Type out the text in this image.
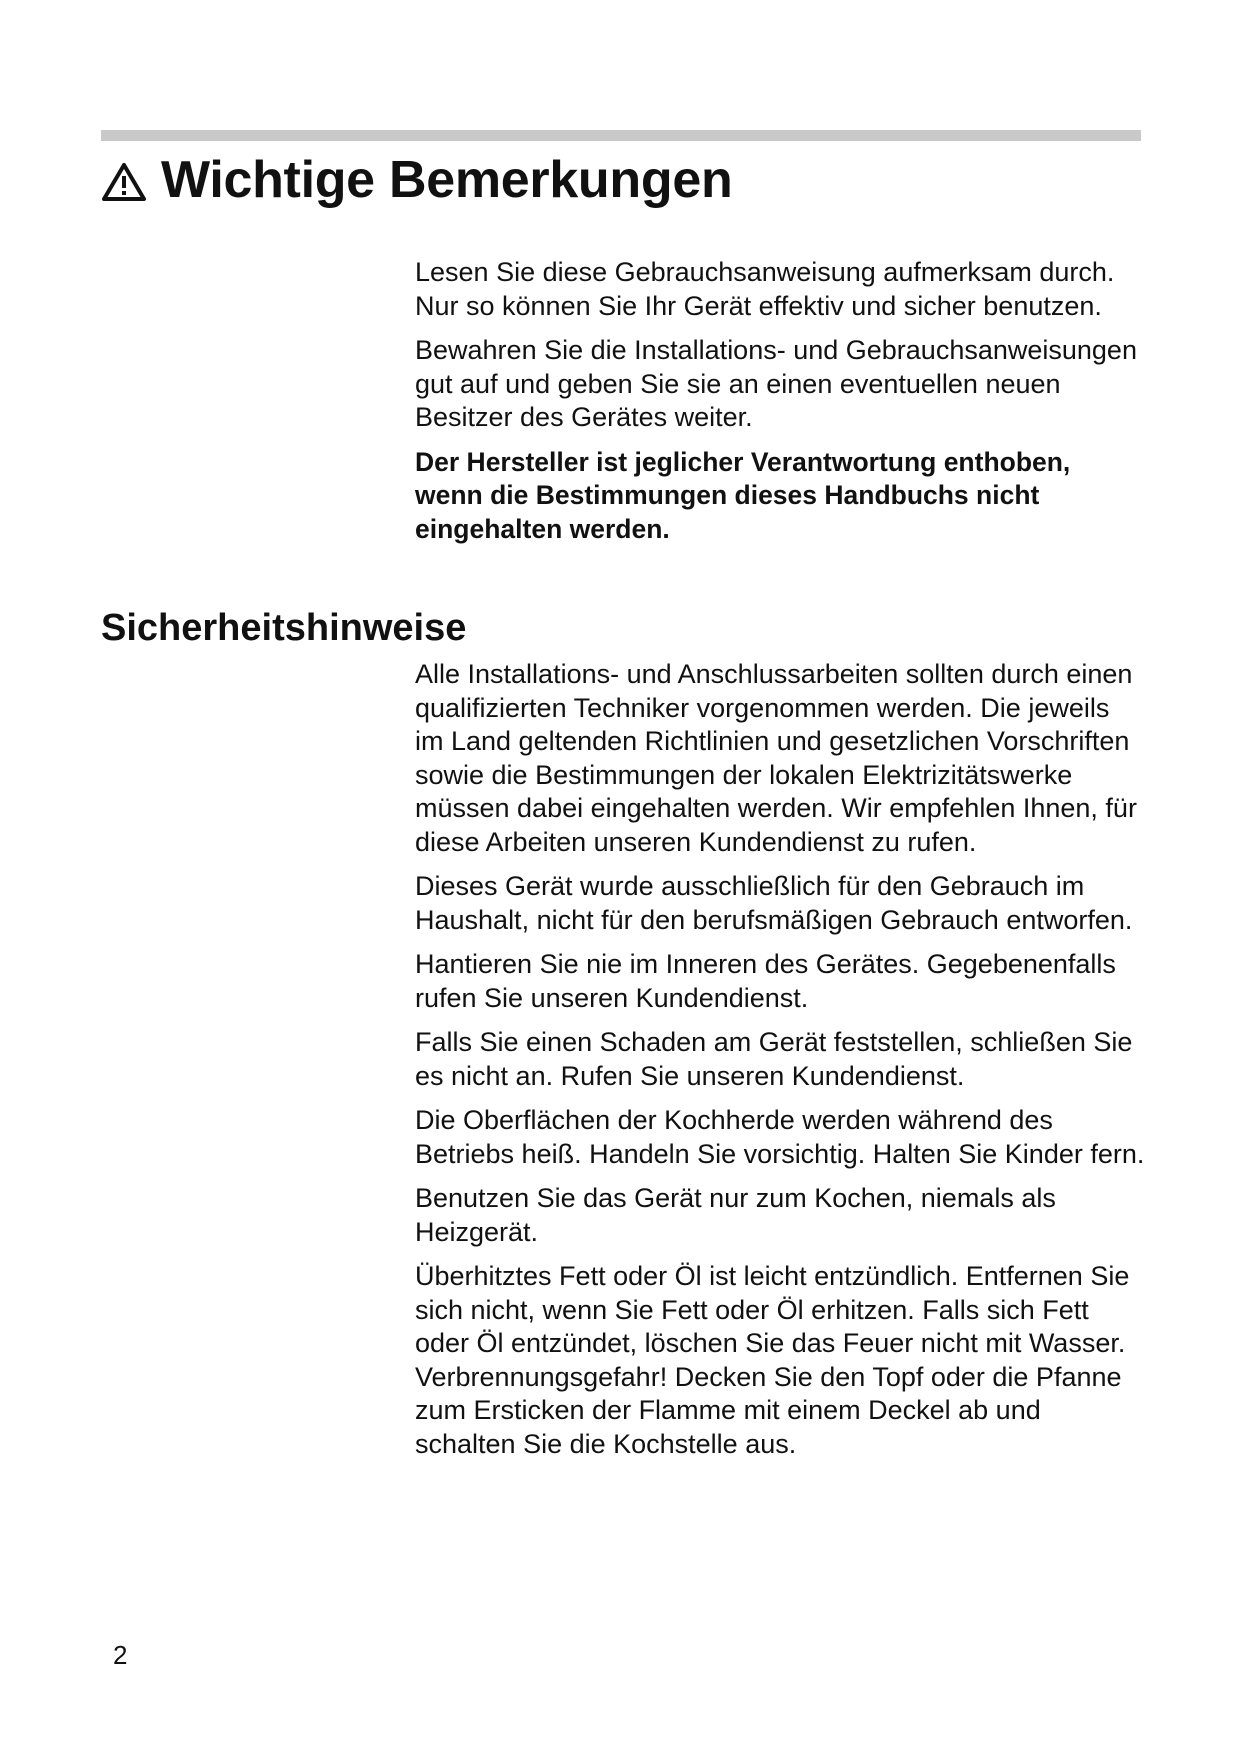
Wichtige Bemerkungen

Lesen Sie diese Gebrauchsanweisung aufmerksam durch. Nur so können Sie Ihr Gerät effektiv und sicher benutzen.

Bewahren Sie die Installations- und Gebrauchsanweisungen gut auf und geben Sie sie an einen eventuellen neuen Besitzer des Gerätes weiter.

Der Hersteller ist jeglicher Verantwortung enthoben, wenn die Bestimmungen dieses Handbuchs nicht eingehalten werden.

Sicherheitshinweise

Alle Installations- und Anschlussarbeiten sollten durch einen qualifizierten Techniker vorgenommen werden. Die jeweils im Land geltenden Richtlinien und gesetzlichen Vorschriften sowie die Bestimmungen der lokalen Elektrizitätswerke müssen dabei eingehalten werden. Wir empfehlen Ihnen, für diese Arbeiten unseren Kundendienst zu rufen.

Dieses Gerät wurde ausschließlich für den Gebrauch im Haushalt, nicht für den berufsmäßigen Gebrauch entworfen.

Hantieren Sie nie im Inneren des Gerätes. Gegebenenfalls rufen Sie unseren Kundendienst.

Falls Sie einen Schaden am Gerät feststellen, schließen Sie es nicht an. Rufen Sie unseren Kundendienst.

Die Oberflächen der Kochherde werden während des Betriebs heiß. Handeln Sie vorsichtig. Halten Sie Kinder fern.

Benutzen Sie das Gerät nur zum Kochen, niemals als Heizgerät.

Überhitztes Fett oder Öl ist leicht entzündlich. Entfernen Sie sich nicht, wenn Sie Fett oder Öl erhitzen. Falls sich Fett oder Öl entzündet, löschen Sie das Feuer nicht mit Wasser. Verbrennungsgefahr! Decken Sie den Topf oder die Pfanne zum Ersticken der Flamme mit einem Deckel ab und schalten Sie die Kochstelle aus.

2
